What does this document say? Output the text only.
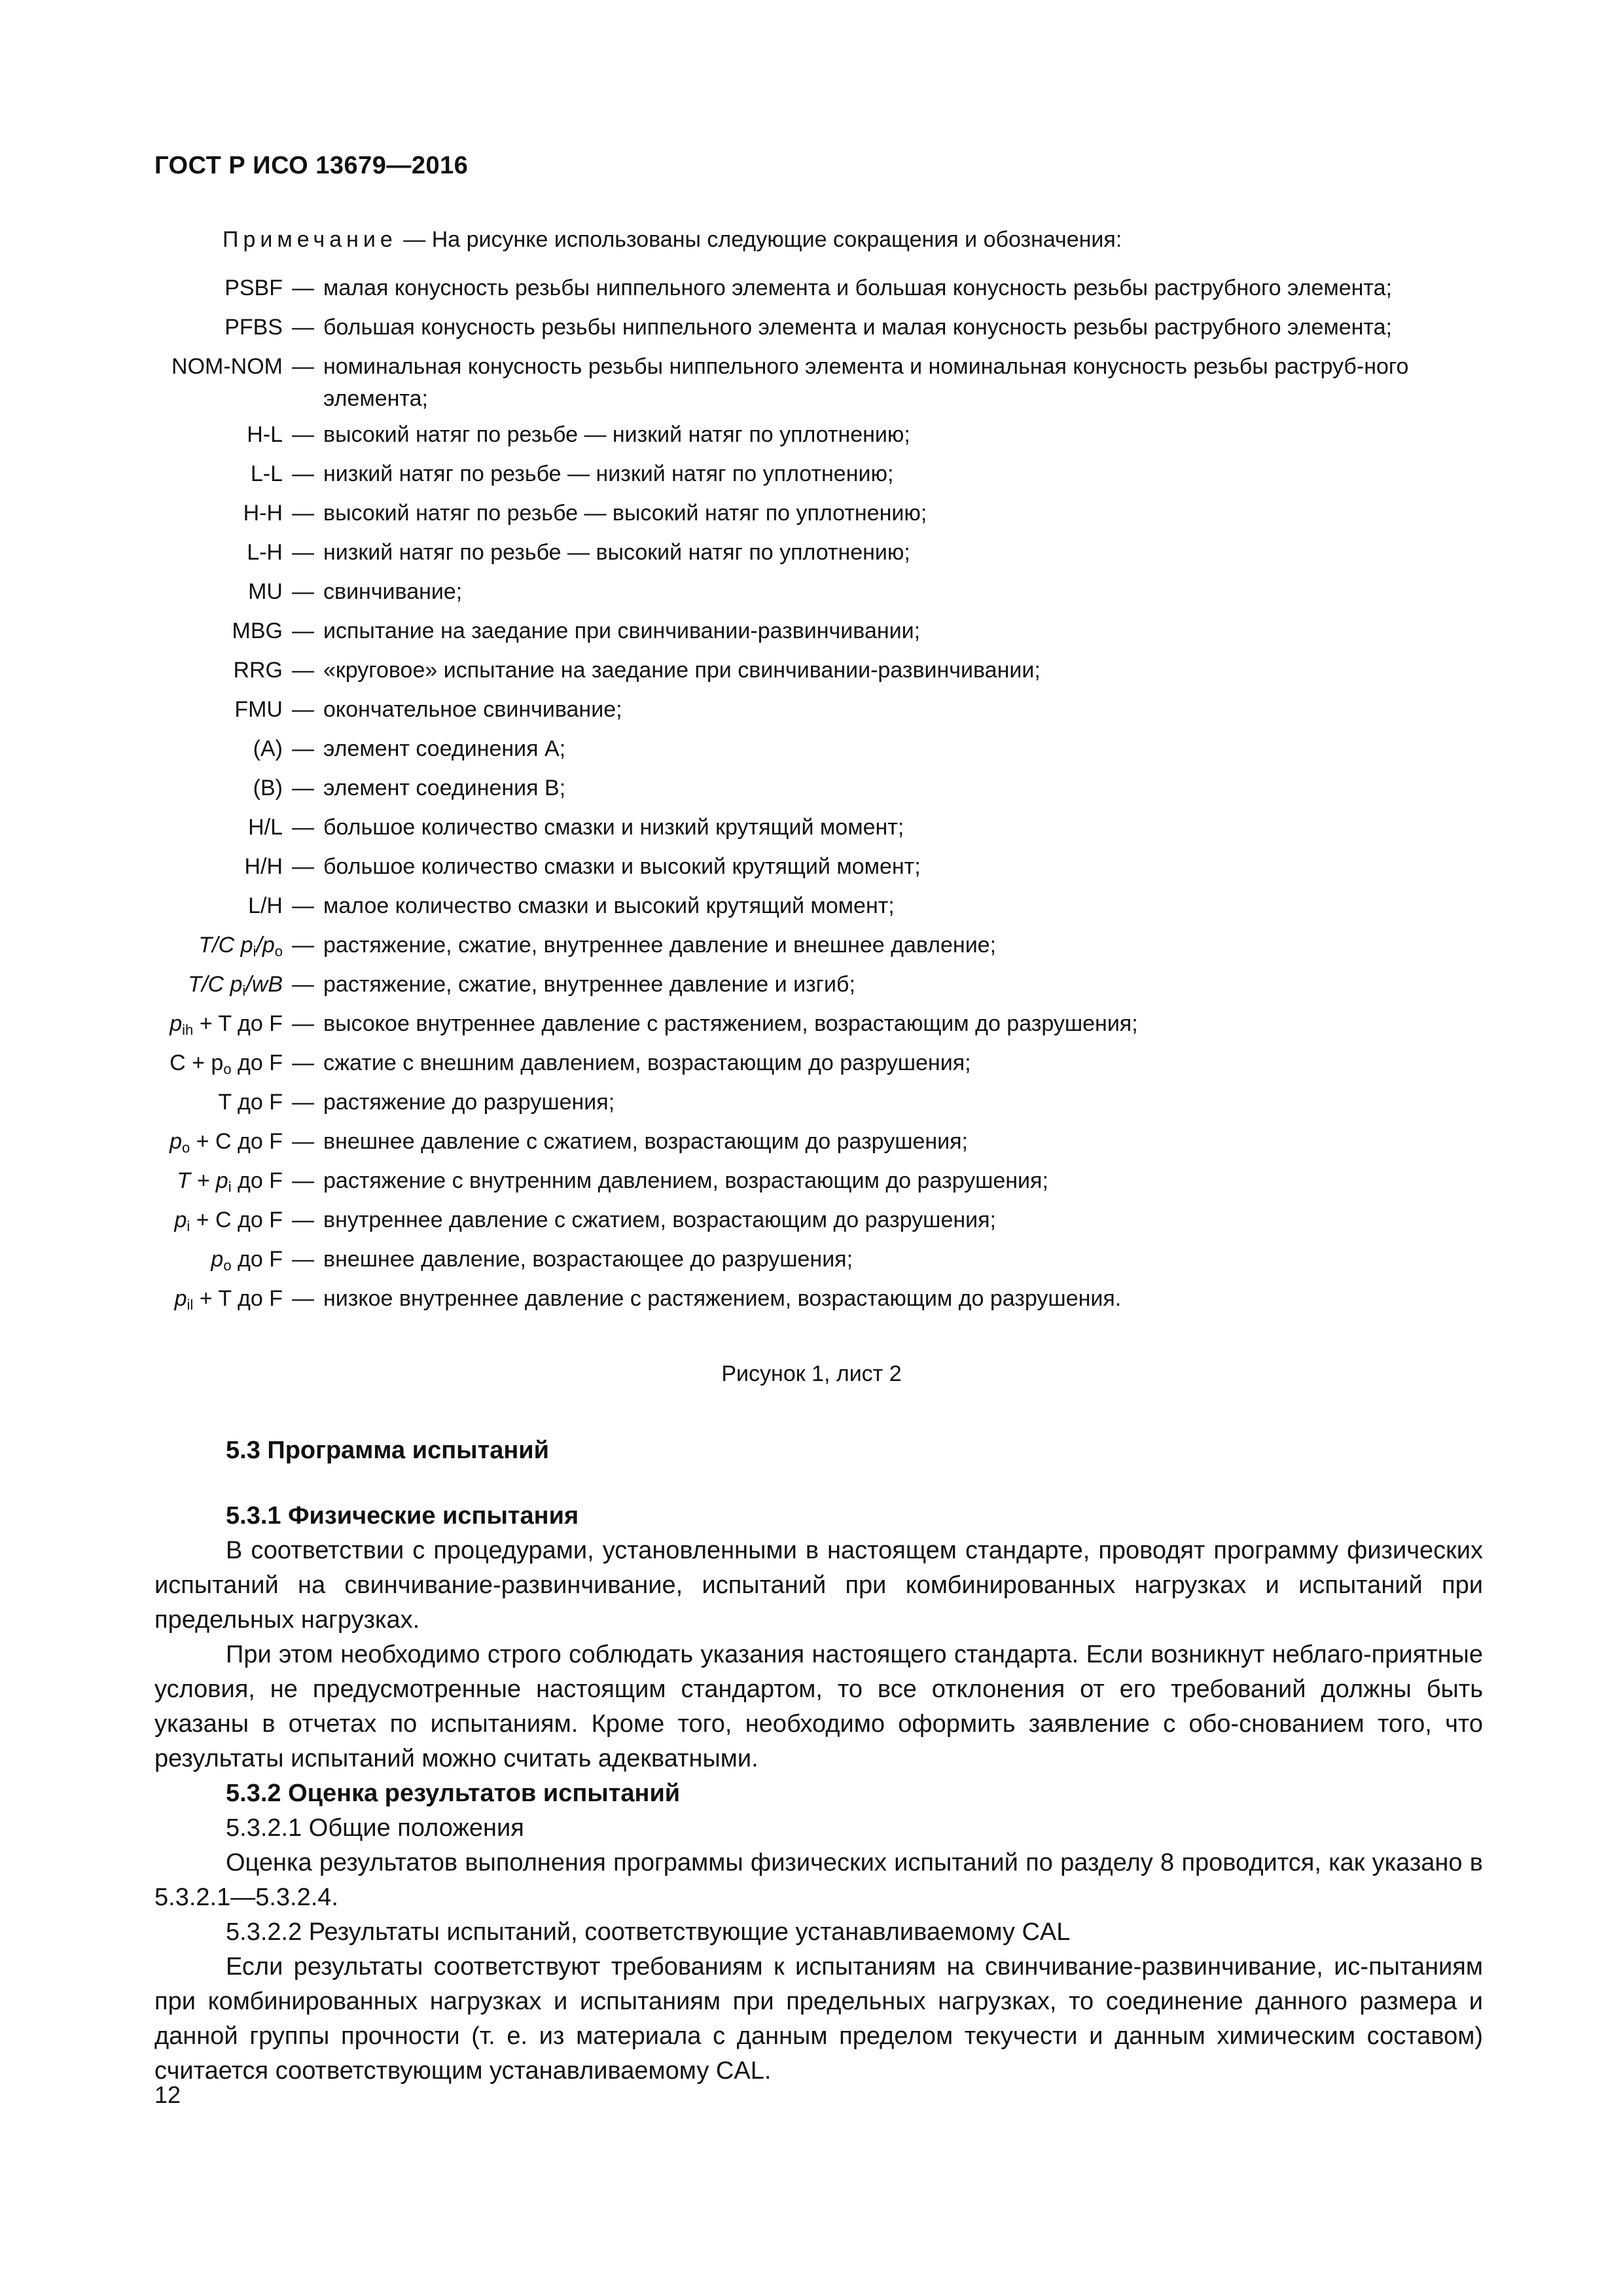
ГОСТ Р ИСО 13679—2016
Примечание — На рисунке использованы следующие сокращения и обозначения:
PSBF — малая конусность резьбы ниппельного элемента и большая конусность резьбы раструбного элемента;
PFBS — большая конусность резьбы ниппельного элемента и малая конусность резьбы раструбного элемента;
NOM-NOM — номинальная конусность резьбы ниппельного элемента и номинальная конусность резьбы раструб-ного элемента;
H-L — высокий натяг по резьбе — низкий натяг по уплотнению;
L-L — низкий натяг по резьбе — низкий натяг по уплотнению;
H-H — высокий натяг по резьбе — высокий натяг по уплотнению;
L-H — низкий натяг по резьбе — высокий натяг по уплотнению;
MU — свинчивание;
MBG — испытание на заедание при свинчивании-развинчивании;
RRG — «круговое» испытание на заедание при свинчивании-развинчивании;
FMU — окончательное свинчивание;
(A) — элемент соединения А;
(B) — элемент соединения В;
H/L — большое количество смазки и низкий крутящий момент;
H/H — большое количество смазки и высокий крутящий момент;
L/H — малое количество смазки и высокий крутящий момент;
T/C $p_i/p_o$ — растяжение, сжатие, внутреннее давление и внешнее давление;
T/C $p_i/wB$ — растяжение, сжатие, внутреннее давление и изгиб;
$p_{ih} + T$ до F — высокое внутреннее давление с растяжением, возрастающим до разрушения;
$C + p_o$ до F — сжатие с внешним давлением, возрастающим до разрушения;
T до F — растяжение до разрушения;
$p_o + C$ до F — внешнее давление с сжатием, возрастающим до разрушения;
$T + p_i$ до F — растяжение с внутренним давлением, возрастающим до разрушения;
$p_i + C$ до F — внутреннее давление с сжатием, возрастающим до разрушения;
$p_o$ до F — внешнее давление, возрастающее до разрушения;
$p_{il} + T$ до F — низкое внутреннее давление с растяжением, возрастающим до разрушения.
Рисунок 1, лист 2
5.3 Программа испытаний

5.3.1 Физические испытания

В соответствии с процедурами, установленными в настоящем стандарте, проводят программу физических испытаний на свинчивание-развинчивание, испытаний при комбинированных нагрузках и испытаний при предельных нагрузках.

При этом необходимо строго соблюдать указания настоящего стандарта. Если возникнут неблаго-приятные условия, не предусмотренные настоящим стандартом, то все отклонения от его требований должны быть указаны в отчетах по испытаниям. Кроме того, необходимо оформить заявление с обо-снованием того, что результаты испытаний можно считать адекватными.

5.3.2 Оценка результатов испытаний

5.3.2.1 Общие положения

Оценка результатов выполнения программы физических испытаний по разделу 8 проводится, как указано в 5.3.2.1—5.3.2.4.

5.3.2.2 Результаты испытаний, соответствующие устанавливаемому CAL

Если результаты соответствуют требованиям к испытаниям на свинчивание-развинчивание, ис-пытаниям при комбинированных нагрузках и испытаниям при предельных нагрузках, то соединение данного размера и данной группы прочности (т. е. из материала с данным пределом текучести и данным химическим составом) считается соответствующим устанавливаемому CAL.

12
